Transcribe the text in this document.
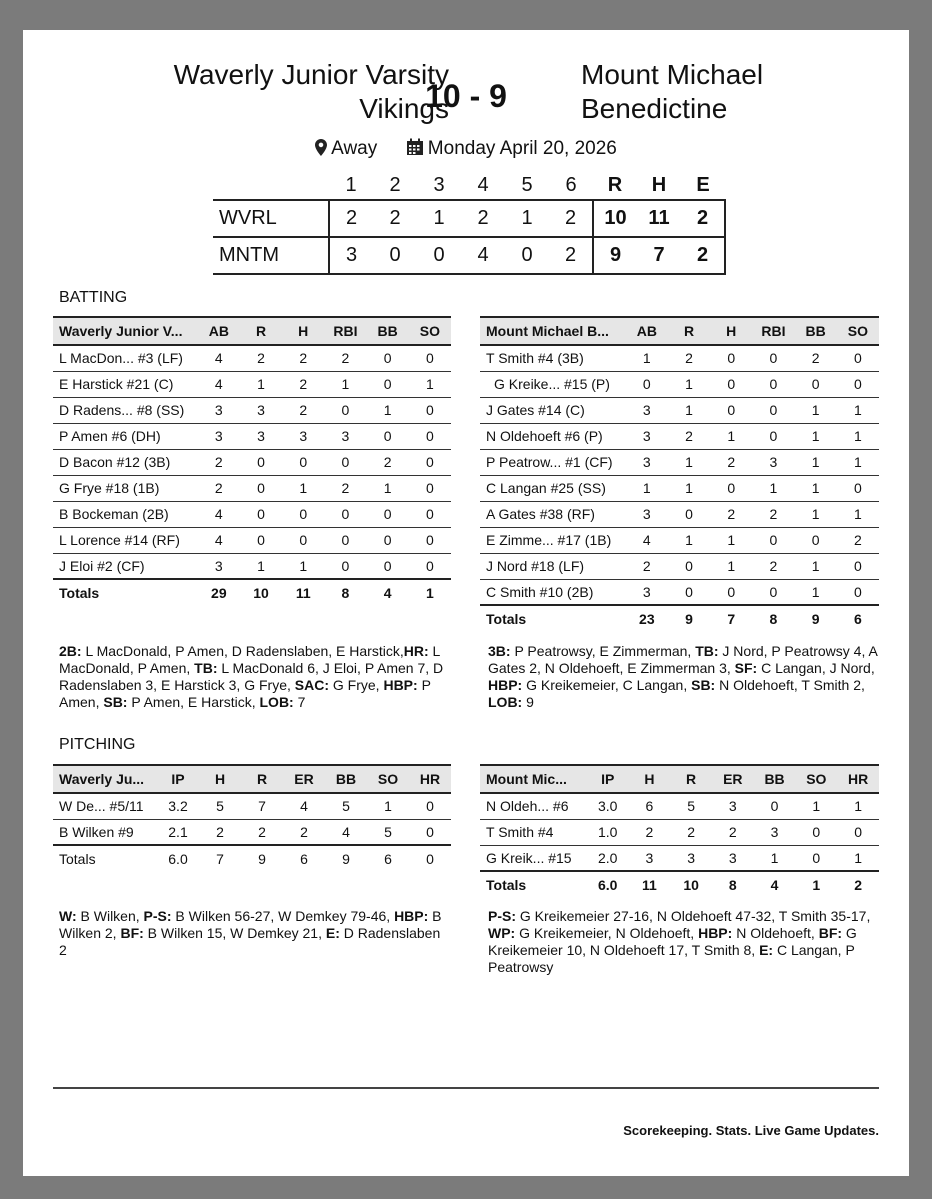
Waverly Junior Varsity
Vikings
10 - 9
Mount Michael
Benedictine
Away	Monday April 20, 2026
	1	2	3	4	5	6	R	H	E
WVRL	2	2	1	2	1	2	10	11	2
MNTM	3	0	0	4	0	2	9	7	2
BATTING
Waverly Junior V...	AB	R	H	RBI	BB	SO
L MacDon... #3 (LF)	4	2	2	2	0	0
E Harstick #21 (C)	4	1	2	1	0	1
D Radens... #8 (SS)	3	3	2	0	1	0
P Amen #6 (DH)	3	3	3	3	0	0
D Bacon #12 (3B)	2	0	0	0	2	0
G Frye #18 (1B)	2	0	1	2	1	0
B Bockeman (2B)	4	0	0	0	0	0
L Lorence #14 (RF)	4	0	0	0	0	0
J Eloi #2 (CF)	3	1	1	0	0	0
Totals	29	10	11	8	4	1
Mount Michael B...	AB	R	H	RBI	BB	SO
T Smith #4 (3B)	1	2	0	0	2	0
G Kreike... #15 (P)	0	1	0	0	0	0
J Gates #14 (C)	3	1	0	0	1	1
N Oldehoeft #6 (P)	3	2	1	0	1	1
P Peatrow... #1 (CF)	3	1	2	3	1	1
C Langan #25 (SS)	1	1	0	1	1	0
A Gates #38 (RF)	3	0	2	2	1	1
E Zimme... #17 (1B)	4	1	1	0	0	2
J Nord #18 (LF)	2	0	1	2	1	0
C Smith #10 (2B)	3	0	0	0	1	0
Totals	23	9	7	8	9	6
2B: L MacDonald, P Amen, D Radenslaben, E Harstick,HR: L MacDonald, P Amen, TB: L MacDonald 6, J Eloi, P Amen 7, D Radenslaben 3, E Harstick 3, G Frye, SAC: G Frye, HBP: P Amen, SB: P Amen, E Harstick, LOB: 7
3B: P Peatrowsy, E Zimmerman, TB: J Nord, P Peatrowsy 4, A Gates 2, N Oldehoeft, E Zimmerman 3, SF: C Langan, J Nord, HBP: G Kreikemeier, C Langan, SB: N Oldehoeft, T Smith 2, LOB: 9
PITCHING
Waverly Ju...	IP	H	R	ER	BB	SO	HR
W De... #5/11	3.2	5	7	4	5	1	0
B Wilken #9	2.1	2	2	2	4	5	0
Totals	6.0	7	9	6	9	6	0
Mount Mic...	IP	H	R	ER	BB	SO	HR
N Oldeh... #6	3.0	6	5	3	0	1	1
T Smith #4	1.0	2	2	2	3	0	0
G Kreik... #15	2.0	3	3	3	1	0	1
Totals	6.0	11	10	8	4	1	2
W: B Wilken, P-S: B Wilken 56-27, W Demkey 79-46, HBP: B Wilken 2, BF: B Wilken 15, W Demkey 21, E: D Radenslaben 2
P-S: G Kreikemeier 27-16, N Oldehoeft 47-32, T Smith 35-17, WP: G Kreikemeier, N Oldehoeft, HBP: N Oldehoeft, BF: G Kreikemeier 10, N Oldehoeft 17, T Smith 8, E: C Langan, P Peatrowsy
Scorekeeping. Stats. Live Game Updates.
